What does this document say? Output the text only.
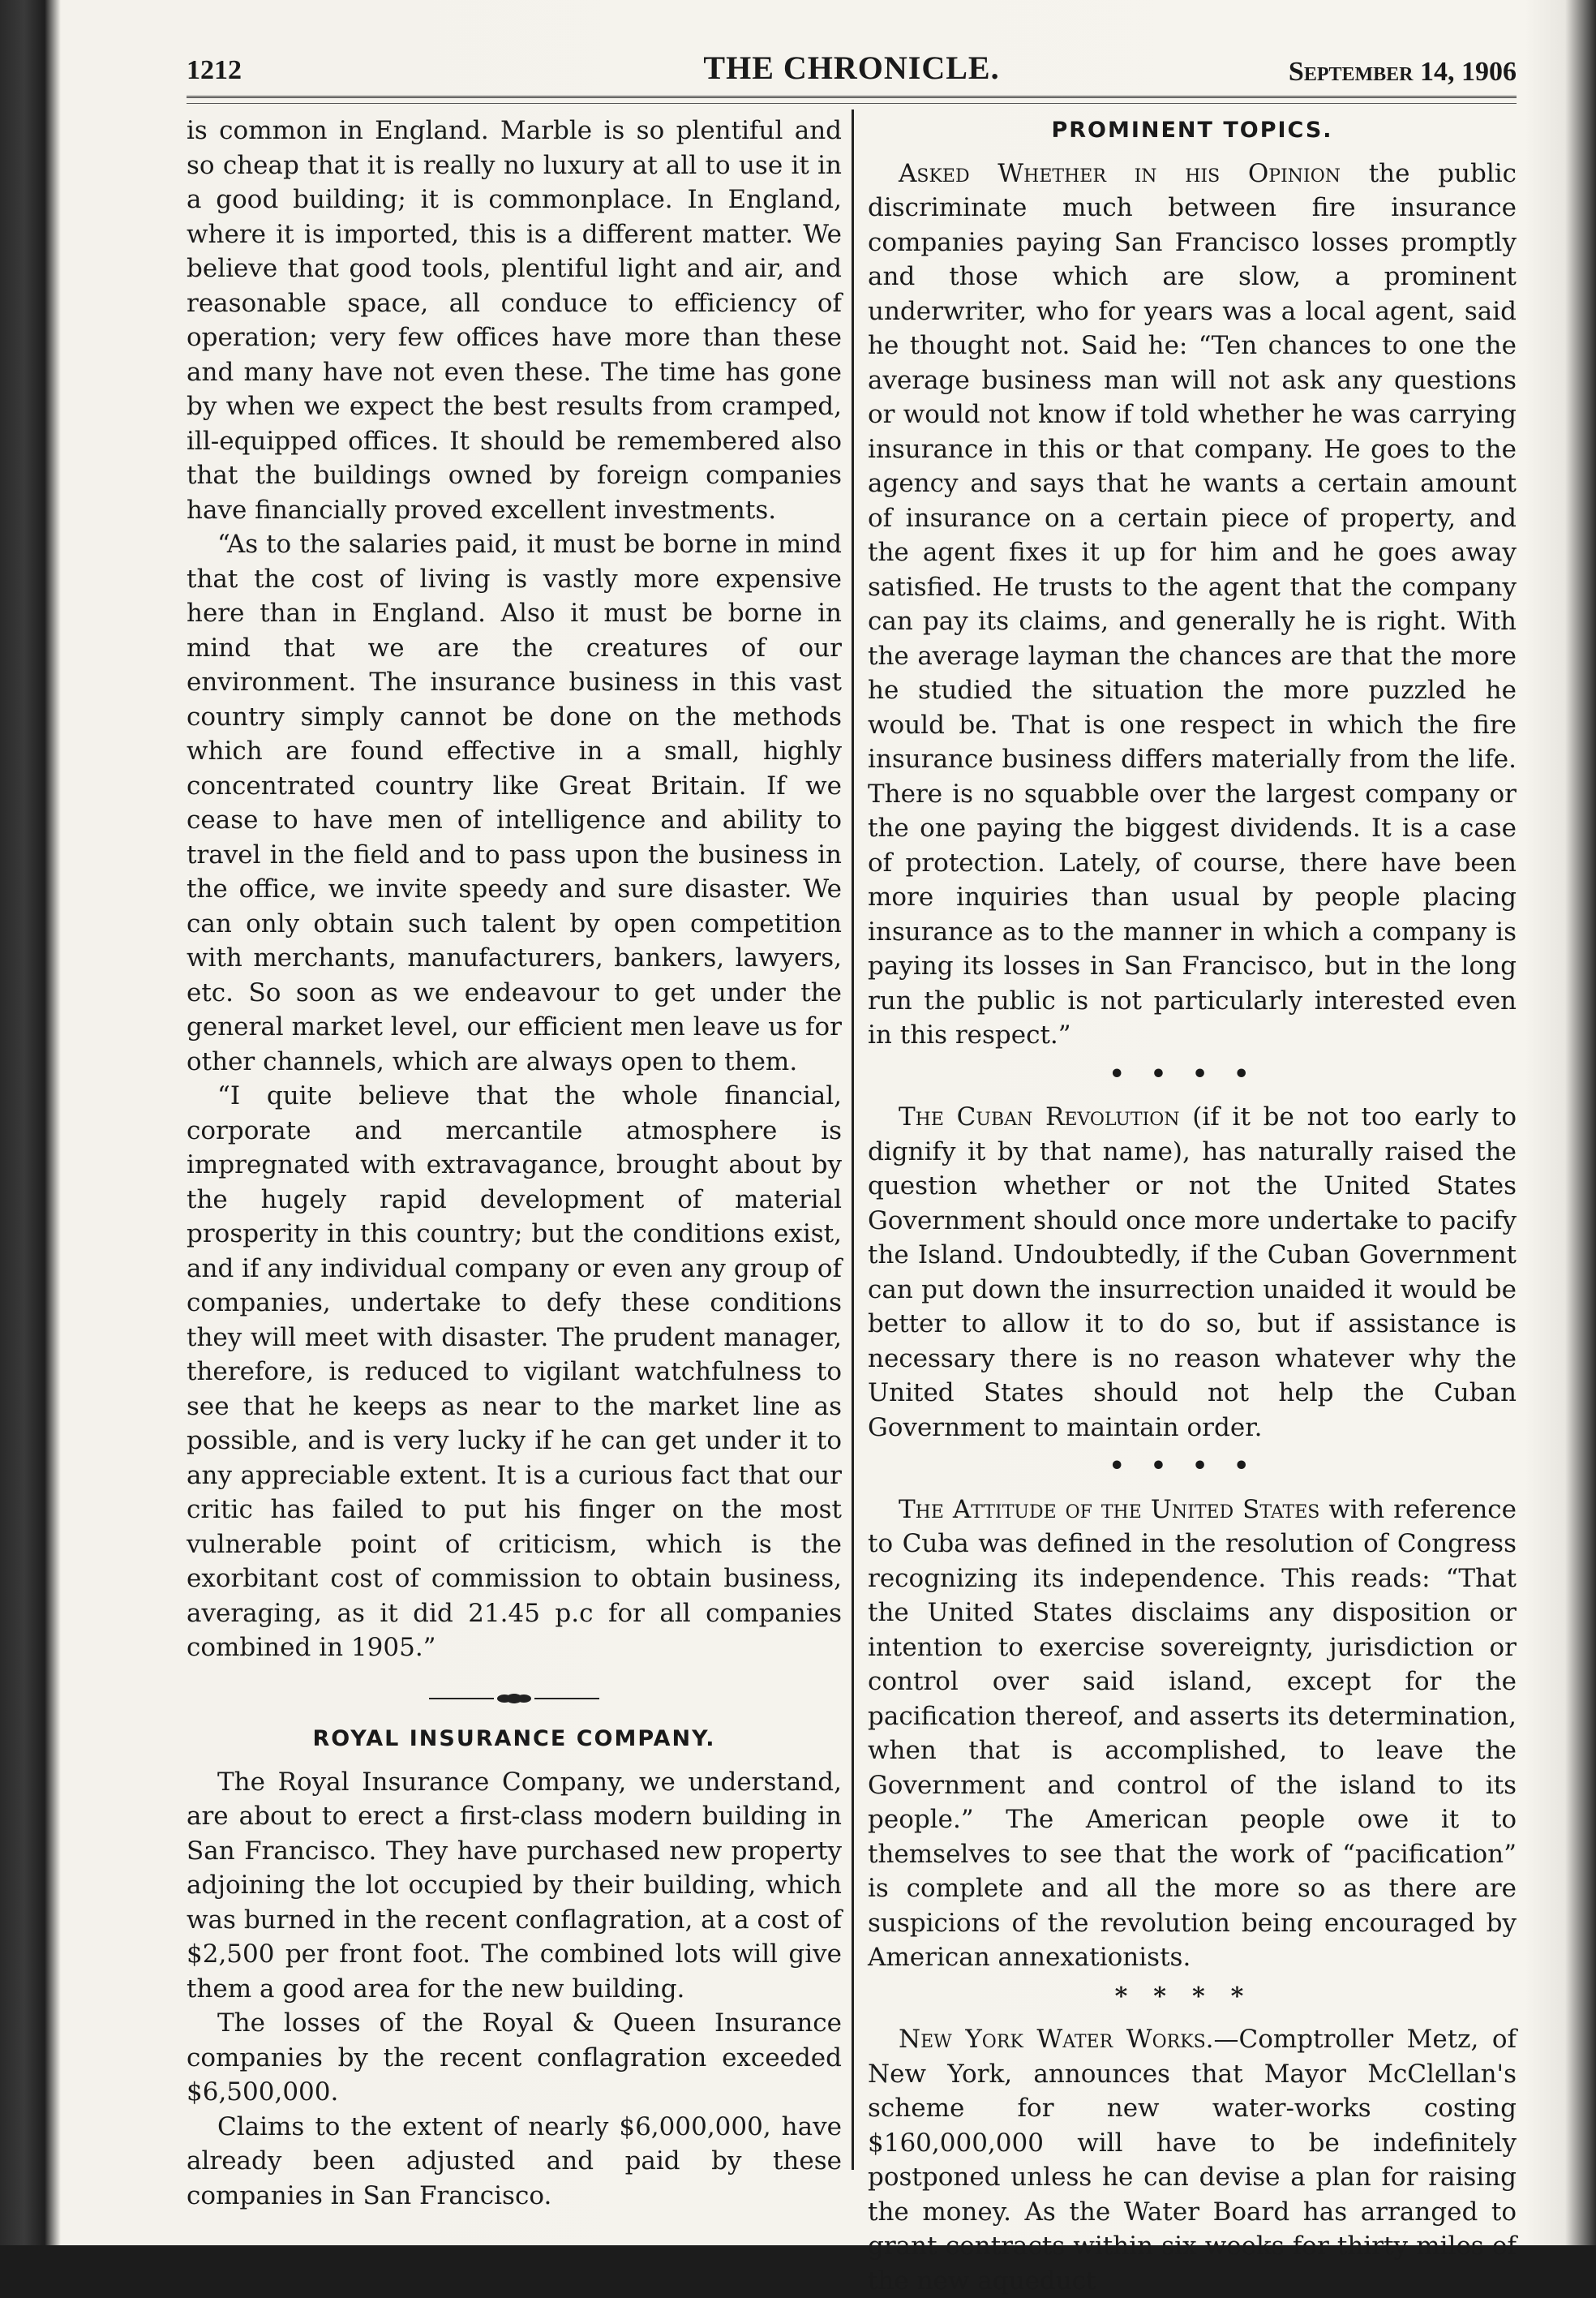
1212	THE CHRONICLE.	September 14, 1906

is common in England. Marble is so plentiful and so cheap that it is really no luxury at all to use it in a good building; it is commonplace. In England, where it is imported, this is a different matter. We believe that good tools, plentiful light and air, and reasonable space, all conduce to efficiency of operation; very few offices have more than these and many have not even these. The time has gone by when we expect the best results from cramped, ill-equipped offices. It should be remembered also that the buildings owned by foreign companies have financially proved excellent investments.

“As to the salaries paid, it must be borne in mind that the cost of living is vastly more expensive here than in England. Also it must be borne in mind that we are the creatures of our environment. The insurance business in this vast country simply cannot be done on the methods which are found effective in a small, highly concentrated country like Great Britain. If we cease to have men of intelligence and ability to travel in the field and to pass upon the business in the office, we invite speedy and sure disaster. We can only obtain such talent by open competition with merchants, manufacturers, bankers, lawyers, etc. So soon as we endeavour to get under the general market level, our efficient men leave us for other channels, which are always open to them.

“I quite believe that the whole financial, corporate and mercantile atmosphere is impregnated with extravagance, brought about by the hugely rapid development of material prosperity in this country; but the conditions exist, and if any individual company or even any group of companies, undertake to defy these conditions they will meet with disaster. The prudent manager, therefore, is reduced to vigilant watchfulness to see that he keeps as near to the market line as possible, and is very lucky if he can get under it to any appreciable extent. It is a curious fact that our critic has failed to put his finger on the most vulnerable point of criticism, which is the exorbitant cost of commission to obtain business, averaging, as it did 21.45 p.c for all companies combined in 1905.”

ROYAL INSURANCE COMPANY.

The Royal Insurance Company, we understand, are about to erect a first-class modern building in San Francisco. They have purchased new property adjoining the lot occupied by their building, which was burned in the recent conflagration, at a cost of $2,500 per front foot. The combined lots will give them a good area for the new building.

The losses of the Royal & Queen Insurance companies by the recent conflagration exceeded $6,500,000.

Claims to the extent of nearly $6,000,000, have already been adjusted and paid by these companies in San Francisco.

PROMINENT TOPICS.

Asked Whether in his Opinion the public discriminate much between fire insurance companies paying San Francisco losses promptly and those which are slow, a prominent underwriter, who for years was a local agent, said he thought not. Said he: “Ten chances to one the average business man will not ask any questions or would not know if told whether he was carrying insurance in this or that company. He goes to the agency and says that he wants a certain amount of insurance on a certain piece of property, and the agent fixes it up for him and he goes away satisfied. He trusts to the agent that the company can pay its claims, and generally he is right. With the average layman the chances are that the more he studied the situation the more puzzled he would be. That is one respect in which the fire insurance business differs materially from the life. There is no squabble over the largest company or the one paying the biggest dividends. It is a case of protection. Lately, of course, there have been more inquiries than usual by people placing insurance as to the manner in which a company is paying its losses in San Francisco, but in the long run the public is not particularly interested even in this respect.”

••••

The Cuban Revolution (if it be not too early to dignify it by that name), has naturally raised the question whether or not the United States Government should once more undertake to pacify the Island. Undoubtedly, if the Cuban Government can put down the insurrection unaided it would be better to allow it to do so, but if assistance is necessary there is no reason whatever why the United States should not help the Cuban Government to maintain order.

••••

The Attitude of the United States with reference to Cuba was defined in the resolution of Congress recognizing its independence. This reads: “That the United States disclaims any disposition or intention to exercise sovereignty, jurisdiction or control over said island, except for the pacification thereof, and asserts its determination, when that is accomplished, to leave the Government and control of the island to its people.” The American people owe it to themselves to see that the work of “pacification” is complete and all the more so as there are suspicions of the revolution being encouraged by American annexationists.

****

New York Water Works.—Comptroller Metz, of New York, announces that Mayor McClellan's scheme for new water-works costing $160,000,000 will have to be indefinitely postponed unless he can devise a plan for raising the money. As the Water Board has arranged to grant contracts within six weeks for thirty miles of the new aqueduct
